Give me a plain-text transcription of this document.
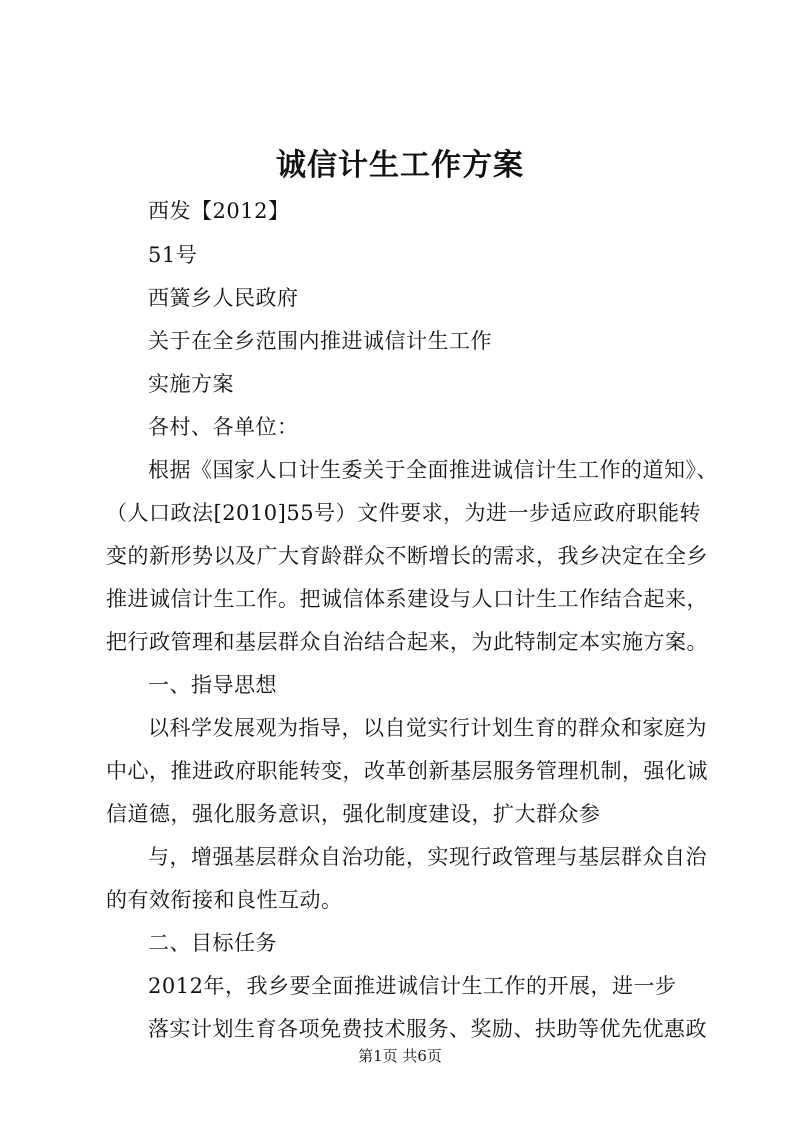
诚信计生工作方案
西发【2012】
51号
西簧乡人民政府
关于在全乡范围内推进诚信计生工作
实施方案
各村、各单位：
根据《国家人口计生委关于全面推进诚信计生工作的道知》、
（人口政法[2010]55号）文件要求，为进一步适应政府职能转
变的新形势以及广大育龄群众不断增长的需求，我乡决定在全乡
推进诚信计生工作。把诚信体系建设与人口计生工作结合起来，
把行政管理和基层群众自治结合起来，为此特制定本实施方案。
一、指导思想
以科学发展观为指导，以自觉实行计划生育的群众和家庭为
中心，推进政府职能转变，改革创新基层服务管理机制，强化诚
信道德，强化服务意识，强化制度建设，扩大群众参
与，增强基层群众自治功能，实现行政管理与基层群众自治
的有效衔接和良性互动。
二、目标任务
2012年，我乡要全面推进诚信计生工作的开展，进一步
落实计划生育各项免费技术服务、奖励、扶助等优先优惠政
第1页 共6页
